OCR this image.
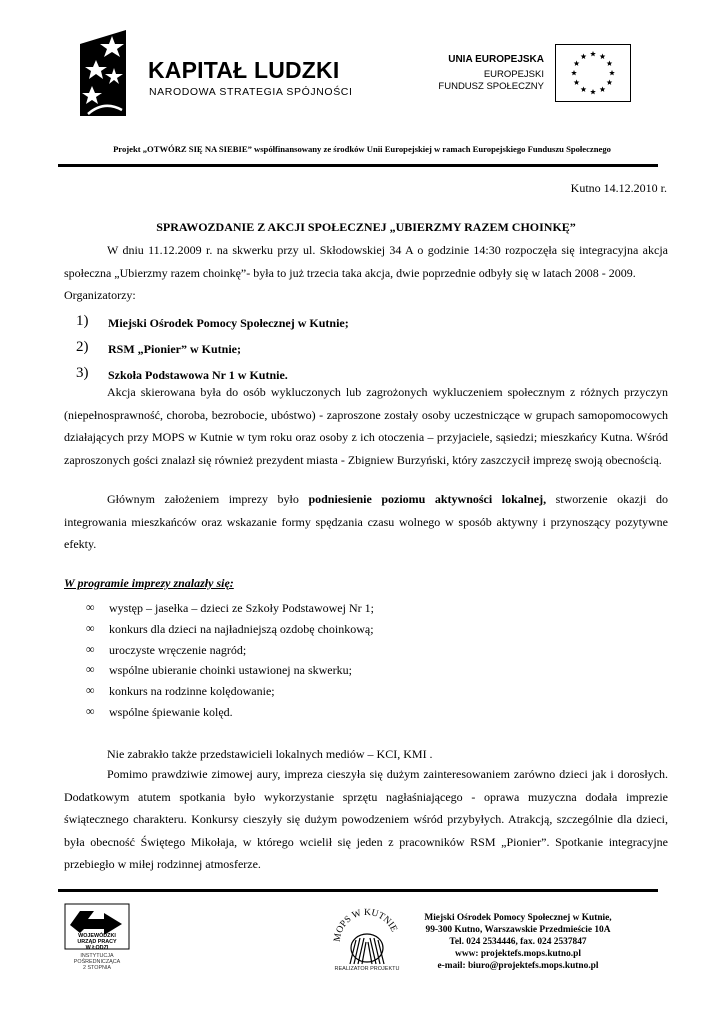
KAPITAŁ LUDZKI
NARODOWA STRATEGIA SPÓJNOŚCI
UNIA EUROPEJSKA
EUROPEJSKI
FUNDUSZ SPOŁECZNY
Projekt „OTWÓRZ SIĘ NA SIEBIE” współfinansowany ze środków Unii Europejskiej w ramach Europejskiego Funduszu Społecznego
Kutno 14.12.2010 r.
SPRAWOZDANIE Z AKCJI SPOŁECZNEJ „UBIERZMY RAZEM CHOINKĘ”
W dniu 11.12.2009 r. na skwerku przy ul. Skłodowskiej 34 A o godzinie 14:30 rozpoczęła się integracyjna akcja społeczna „Ubierzmy razem choinkę”- była to już trzecia taka akcja, dwie poprzednie odbyły się w latach 2008 - 2009.
Organizatorzy:
1) Miejski Ośrodek Pomocy Społecznej w Kutnie;
2) RSM „Pionier” w Kutnie;
3) Szkoła Podstawowa Nr 1 w Kutnie.
Akcja skierowana była do osób wykluczonych lub zagrożonych wykluczeniem społecznym z różnych przyczyn (niepełnosprawność, choroba, bezrobocie, ubóstwo) - zaproszone zostały osoby uczestniczące w grupach samopomocowych działających przy MOPS w Kutnie w tym roku oraz osoby z ich otoczenia – przyjaciele, sąsiedzi; mieszkańcy Kutna. Wśród zaproszonych gości znalazł się również prezydent miasta - Zbigniew Burzyński, który zaszczycił imprezę swoją obecnością.
Głównym założeniem imprezy było podniesienie poziomu aktywności lokalnej, stworzenie okazji do integrowania mieszkańców oraz wskazanie formy spędzania czasu wolnego w sposób aktywny i przynoszący pozytywne efekty.
W programie imprezy znalazły się:
∞ występ – jasełka – dzieci ze Szkoły Podstawowej Nr 1;
∞ konkurs dla dzieci na najładniejszą ozdobę choinkową;
∞ uroczyste wręczenie nagród;
∞ wspólne ubieranie choinki ustawionej na skwerku;
∞ konkurs na rodzinne kolędowanie;
∞ wspólne śpiewanie kolęd.
Nie zabrakło także przedstawicieli lokalnych mediów – KCI, KMI .
Pomimo prawdziwie zimowej aury, impreza cieszyła się dużym zainteresowaniem zarówno dzieci jak i dorosłych. Dodatkowym atutem spotkania było wykorzystanie sprzętu nagłaśniającego - oprawa muzyczna dodała imprezie świątecznego charakteru. Konkursy cieszyły się dużym powodzeniem wśród przybyłych. Atrakcją, szczególnie dla dzieci, była obecność Świętego Mikołaja, w którego wcielił się jeden z pracowników RSM „Pionier”. Spotkanie integracyjne przebiegło w miłej rodzinnej atmosferze.
WOJEWÓDZKI
URZĄD PRACY
W ŁODZI
INSTYTUCJA
POŚREDNICZĄCA
2 STOPNIA
MOPS W KUTNIE
REALIZATOR PROJEKTU
Miejski Ośrodek Pomocy Społecznej w Kutnie,
99-300 Kutno, Warszawskie Przedmieście 10A
Tel. 024 2534446, fax. 024 2537847
www: projektefs.mops.kutno.pl
e-mail: biuro@projektefs.mops.kutno.pl
